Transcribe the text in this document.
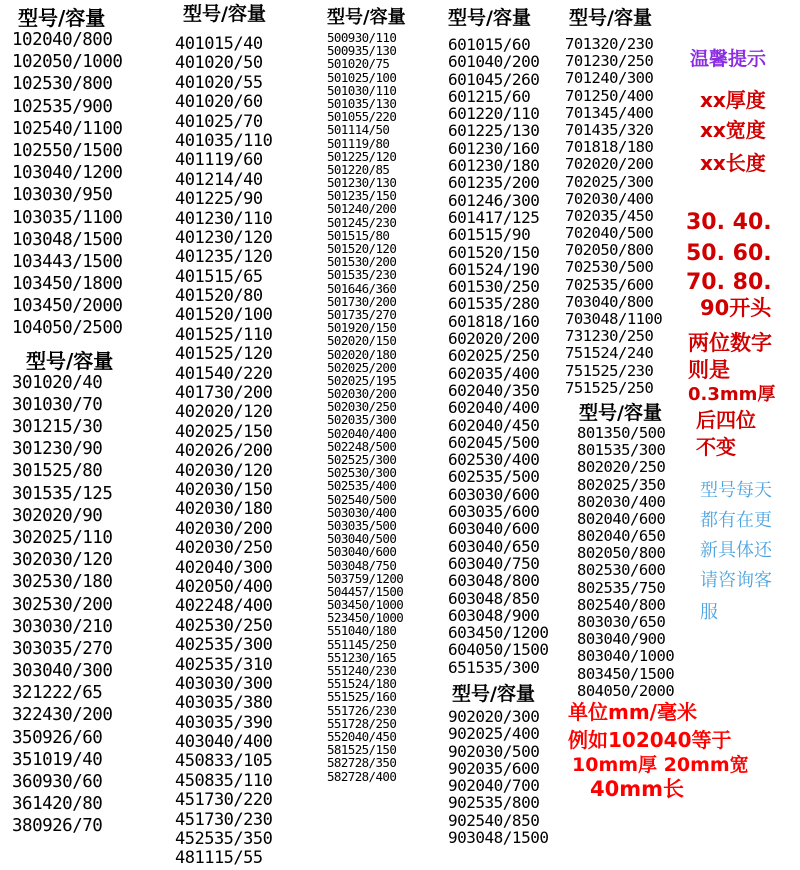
型号/容量
102040/800
102050/1000
102530/800
102535/900
102540/1100
102550/1500
103040/1200
103030/950
103035/1100
103048/1500
103443/1500
103450/1800
103450/2000
104050/2500
型号/容量
301020/40
301030/70
301215/30
301230/90
301525/80
301535/125
302020/90
302025/110
302030/120
302530/180
302530/200
303030/210
303035/270
303040/300
321222/65
322430/200
350926/60
351019/40
360930/60
361420/80
380926/70
型号/容量
401015/40
401020/50
401020/55
401020/60
401025/70
401035/110
401119/60
401214/40
401225/90
401230/110
401230/120
401235/120
401515/65
401520/80
401520/100
401525/110
401525/120
401540/220
401730/200
402020/120
402025/150
402026/200
402030/120
402030/150
402030/180
402030/200
402030/250
402040/300
402050/400
402248/400
402530/250
402535/300
402535/310
403030/300
403035/380
403035/390
403040/400
450833/105
450835/110
451730/220
451730/230
452535/350
481115/55
型号/容量
500930/110
500935/130
501020/75
501025/100
501030/110
501035/130
501055/220
501114/50
501119/80
501225/120
501220/85
501230/130
501235/150
501240/200
501245/230
501515/80
501520/120
501530/200
501535/230
501646/360
501730/200
501735/270
501920/150
502020/150
502020/180
502025/200
502025/195
502030/200
502030/250
502035/300
502040/400
502248/500
502525/300
502530/300
502535/400
502540/500
503030/400
503035/500
503040/500
503040/600
503048/750
503759/1200
504457/1500
503450/1000
523450/1000
551040/180
551145/250
551230/165
551240/230
551524/180
551525/160
551726/230
551728/250
552040/450
581525/150
582728/350
582728/400
型号/容量
601015/60
601040/200
601045/260
601215/60
601220/110
601225/130
601230/160
601230/180
601235/200
601246/300
601417/125
601515/90
601520/150
601524/190
601530/250
601535/280
601818/160
602020/200
602025/250
602035/400
602040/350
602040/400
602040/450
602045/500
602530/400
602535/500
603030/600
603035/600
603040/600
603040/650
603040/750
603048/800
603048/850
603048/900
603450/1200
604050/1500
651535/300
型号/容量
902020/300
902025/400
902030/500
902035/600
902040/700
902535/800
902540/850
903048/1500
型号/容量
701320/230
701230/250
701240/300
701250/400
701345/400
701435/320
701818/180
702020/200
702025/300
702030/400
702035/450
702040/500
702050/800
702530/500
702535/600
703040/800
703048/1100
731230/250
751524/240
751525/230
751525/250
型号/容量
801350/500
801535/300
802020/250
802025/350
802030/400
802040/600
802040/650
802050/800
802530/600
802535/750
802540/800
803030/650
803040/900
803040/1000
803450/1500
804050/2000
温馨提示
xx厚度
xx宽度
xx长度
30. 40.
50. 60.
70. 80.
90开头
两位数字
则是
0.3mm厚
后四位
不变
型号每天
都有在更
新具体还
请咨询客
服
单位mm/毫米
例如102040等于
10mm厚 20mm宽
40mm长
